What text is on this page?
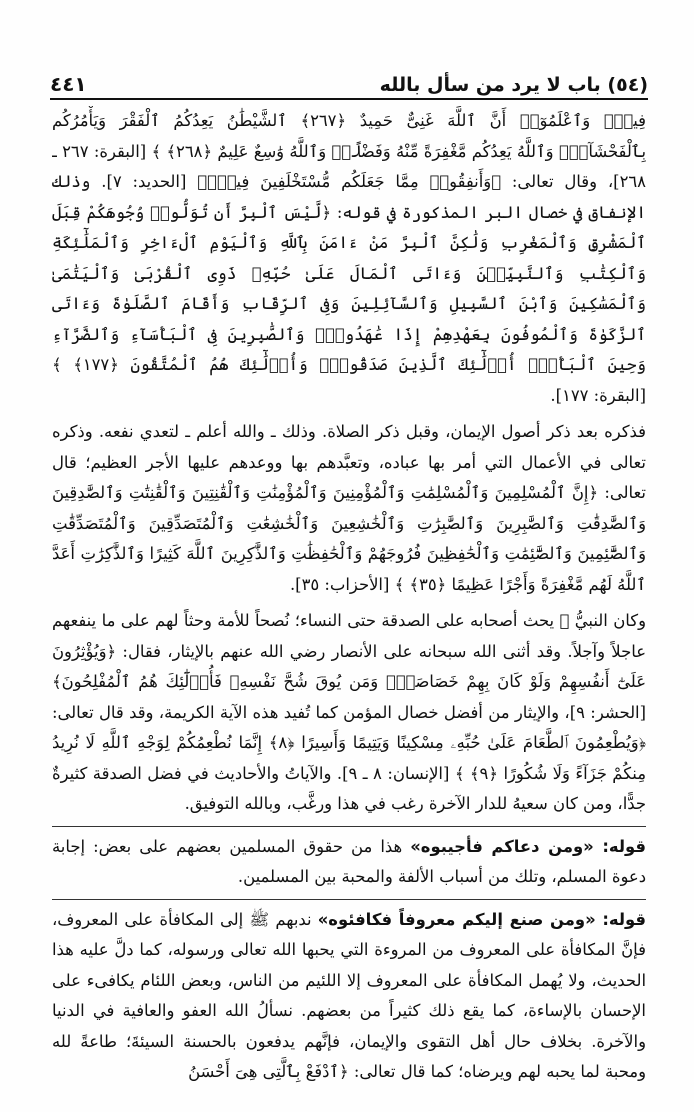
(٥٤) باب لا يرد من سأل بالله
٤٤١

فِيهِۚ وَٱعْلَمُوٓا۟ أَنَّ ٱللَّهَ غَنِىٌّ حَمِيدٌ ﴿٢٦٧﴾ ٱلشَّيْطَٰنُ يَعِدُكُمُ ٱلْفَقْرَ وَيَأْمُرُكُم بِٱلْفَحْشَآءِۖ وَٱللَّهُ يَعِدُكُم مَّغْفِرَةً مِّنْهُ وَفَضْلًاۗ وَٱللَّهُ وَٰسِعٌ عَلِيمٌ ﴿٢٦٨﴾ ﴾ [البقرة: ٢٦٧ ـ ٢٦٨]، وقال تعالى: ﴿وَأَنفِقُوا۟ مِمَّا جَعَلَكُم مُّسْتَخْلَفِينَ فِيهِۖ﴾ [الحديد: ٧]. وذلك الإنفاق في خصال البر المذكورة في قوله: ﴿لَّيْسَ ٱلْبِرَّ أَن تُوَلُّوا۟ وُجُوهَكُمْ قِبَلَ ٱلْمَشْرِقِ وَٱلْمَغْرِبِ وَلَٰكِنَّ ٱلْبِرَّ مَنْ ءَامَنَ بِٱللَّهِ وَٱلْيَوْمِ ٱلْءَاخِرِ وَٱلْمَلَٰٓئِكَةِ وَٱلْكِتَٰبِ وَٱلنَّبِيِّـۧنَ وَءَاتَى ٱلْمَالَ عَلَىٰ حُبِّهِۦ ذَوِى ٱلْقُرْبَىٰ وَٱلْيَتَٰمَىٰ وَٱلْمَسَٰكِينَ وَٱبْنَ ٱلسَّبِيلِ وَٱلسَّآئِلِينَ وَفِى ٱلرِّقَابِ وَأَقَامَ ٱلصَّلَوٰةَ وَءَاتَى ٱلزَّكَوٰةَ وَٱلْمُوفُونَ بِعَهْدِهِمْ إِذَا عَٰهَدُوا۟ۖ وَٱلصَّٰبِرِينَ فِى ٱلْبَأْسَآءِ وَٱلضَّرَّآءِ وَحِينَ ٱلْبَأْسِۗ أُو۟لَٰٓئِكَ ٱلَّذِينَ صَدَقُوا۟ۖ وَأُو۟لَٰٓئِكَ هُمُ ٱلْمُتَّقُونَ ﴿١٧٧﴾ ﴾ [البقرة: ١٧٧].

فذكره بعد ذكر أصول الإيمان، وقبل ذكر الصلاة. وذلك ـ والله أعلم ـ لتعدي نفعه. وذكره تعالى في الأعمال التي أمر بها عباده، وتعبَّدهم بها ووعدهم عليها الأجر العظيم؛ قال تعالى: ﴿إِنَّ ٱلْمُسْلِمِينَ وَٱلْمُسْلِمَٰتِ وَٱلْمُؤْمِنِينَ وَٱلْمُؤْمِنَٰتِ وَٱلْقَٰنِتِينَ وَٱلْقَٰنِتَٰتِ وَٱلصَّٰدِقِينَ وَٱلصَّٰدِقَٰتِ وَٱلصَّٰبِرِينَ وَٱلصَّٰبِرَٰتِ وَٱلْخَٰشِعِينَ وَٱلْخَٰشِعَٰتِ وَٱلْمُتَصَدِّقِينَ وَٱلْمُتَصَدِّقَٰتِ وَٱلصَّٰٓئِمِينَ وَٱلصَّٰٓئِمَٰتِ وَٱلْحَٰفِظِينَ فُرُوجَهُمْ وَٱلْحَٰفِظَٰتِ وَٱلذَّٰكِرِينَ ٱللَّهَ كَثِيرًا وَٱلذَّٰكِرَٰتِ أَعَدَّ ٱللَّهُ لَهُم مَّغْفِرَةً وَأَجْرًا عَظِيمًا ﴿٣٥﴾ ﴾ [الأحزاب: ٣٥].

وكان النبيُّ ﷺ يحث أصحابه على الصدقة حتى النساء؛ نُصحاً للأمة وحثاً لهم على ما ينفعهم عاجلاً وآجلاً. وقد أثنى الله سبحانه على الأنصار رضي الله عنهم بالإيثار، فقال: ﴿وَيُؤْثِرُونَ عَلَىٰٓ أَنفُسِهِمْ وَلَوْ كَانَ بِهِمْ خَصَاصَةٌۚ وَمَن يُوقَ شُحَّ نَفْسِهِۦ فَأُو۟لَٰٓئِكَ هُمُ ٱلْمُفْلِحُونَ﴾ [الحشر: ٩]، والإيثار من أفضل خصال المؤمن كما تُفيد هذه الآية الكريمة، وقد قال تعالى: ﴿وَيُطْعِمُونَ ٱلطَّعَامَ عَلَىٰ حُبِّهِۦ مِسْكِينًا وَيَتِيمًا وَأَسِيرًا ﴿٨﴾ إِنَّمَا نُطْعِمُكُمْ لِوَجْهِ ٱللَّهِ لَا نُرِيدُ مِنكُمْ جَزَآءً وَلَا شُكُورًا ﴿٩﴾ ﴾ [الإنسان: ٨ ـ ٩]. والآياتُ والأحاديث في فضل الصدقة كثيرةٌ جدًّا، ومن كان سعيهُ للدار الآخرة رغب في هذا ورغَّب، وبالله التوفيق.

قوله: «ومن دعاكم فأجيبوه» هذا من حقوق المسلمين بعضهم على بعض: إجابة دعوة المسلم، وتلك من أسباب الألفة والمحبة بين المسلمين.

قوله: «ومن صنع إليكم معروفاً فكافئوه» ندبهم ﷺ إلى المكافأة على المعروف، فإنَّ المكافأة على المعروف من المروءة التي يحبها الله تعالى ورسوله، كما دلَّ عليه هذا الحديث، ولا يُهمل المكافأة على المعروف إلا اللئيم من الناس، وبعض اللئام يكافىء على الإحسان بالإساءة، كما يقع ذلك كثيراً من بعضهم. نسألُ الله العفو والعافية في الدنيا والآخرة. بخلاف حال أهل التقوى والإيمان، فإنَّهم يدفعون بالحسنة السيئةَ؛ طاعةً لله ومحبة لما يحبه لهم ويرضاه؛ كما قال تعالى: ﴿ٱدْفَعْ بِٱلَّتِى هِىَ أَحْسَنُ
